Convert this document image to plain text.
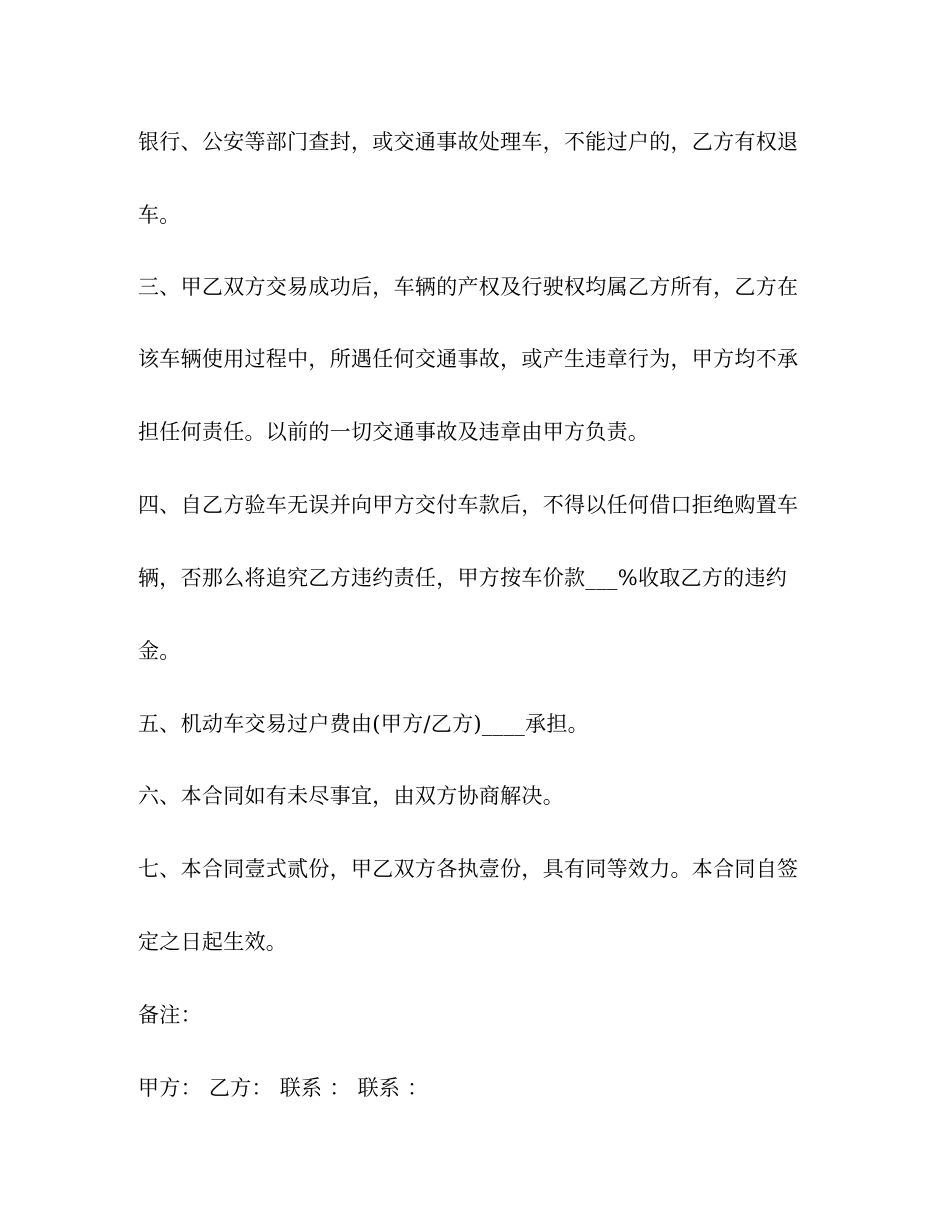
银行、公安等部门查封，或交通事故处理车，不能过户的，乙方有权退
车。
三、甲乙双方交易成功后，车辆的产权及行驶权均属乙方所有，乙方在
该车辆使用过程中，所遇任何交通事故，或产生违章行为，甲方均不承
担任何责任。以前的一切交通事故及违章由甲方负责。
四、自乙方验车无误并向甲方交付车款后，不得以任何借口拒绝购置车
辆，否那么将追究乙方违约责任，甲方按车价款___%收取乙方的违约
金。
五、机动车交易过户费由(甲方/乙方)____承担。
六、本合同如有未尽事宜，由双方协商解决。
七、本合同壹式贰份，甲乙双方各执壹份，具有同等效力。本合同自签
定之日起生效。
备注：
甲方： 乙方： 联系 ： 联系 ：
